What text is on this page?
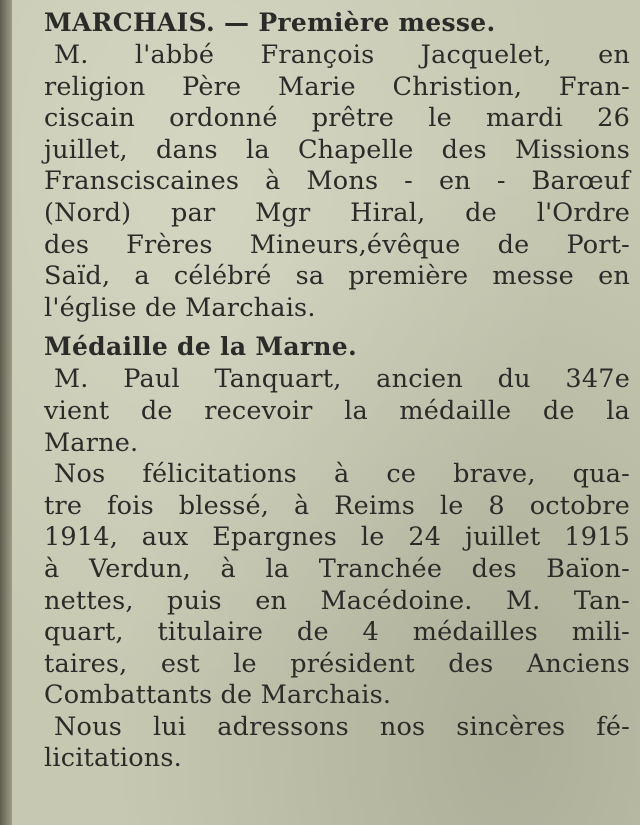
MARCHAIS. — Première messe.
M. l'abbé François Jacquelet, en
religion Père Marie Christion, Fran-
ciscain ordonné prêtre le mardi 26
juillet, dans la Chapelle des Missions
Fransciscaines à Mons - en - Barœuf
(Nord) par Mgr Hiral, de l'Ordre
des Frères Mineurs,évêque de Port-
Saïd, a célébré sa première messe en
l'église de Marchais.
Médaille de la Marne.
M. Paul Tanquart, ancien du 347e
vient de recevoir la médaille de la
Marne.
Nos félicitations à ce brave, qua-
tre fois blessé, à Reims le 8 octobre
1914, aux Epargnes le 24 juillet 1915
à Verdun, à la Tranchée des Baïon-
nettes, puis en Macédoine. M. Tan-
quart, titulaire de 4 médailles mili-
taires, est le président des Anciens
Combattants de Marchais.
Nous lui adressons nos sincères fé-
licitations.
